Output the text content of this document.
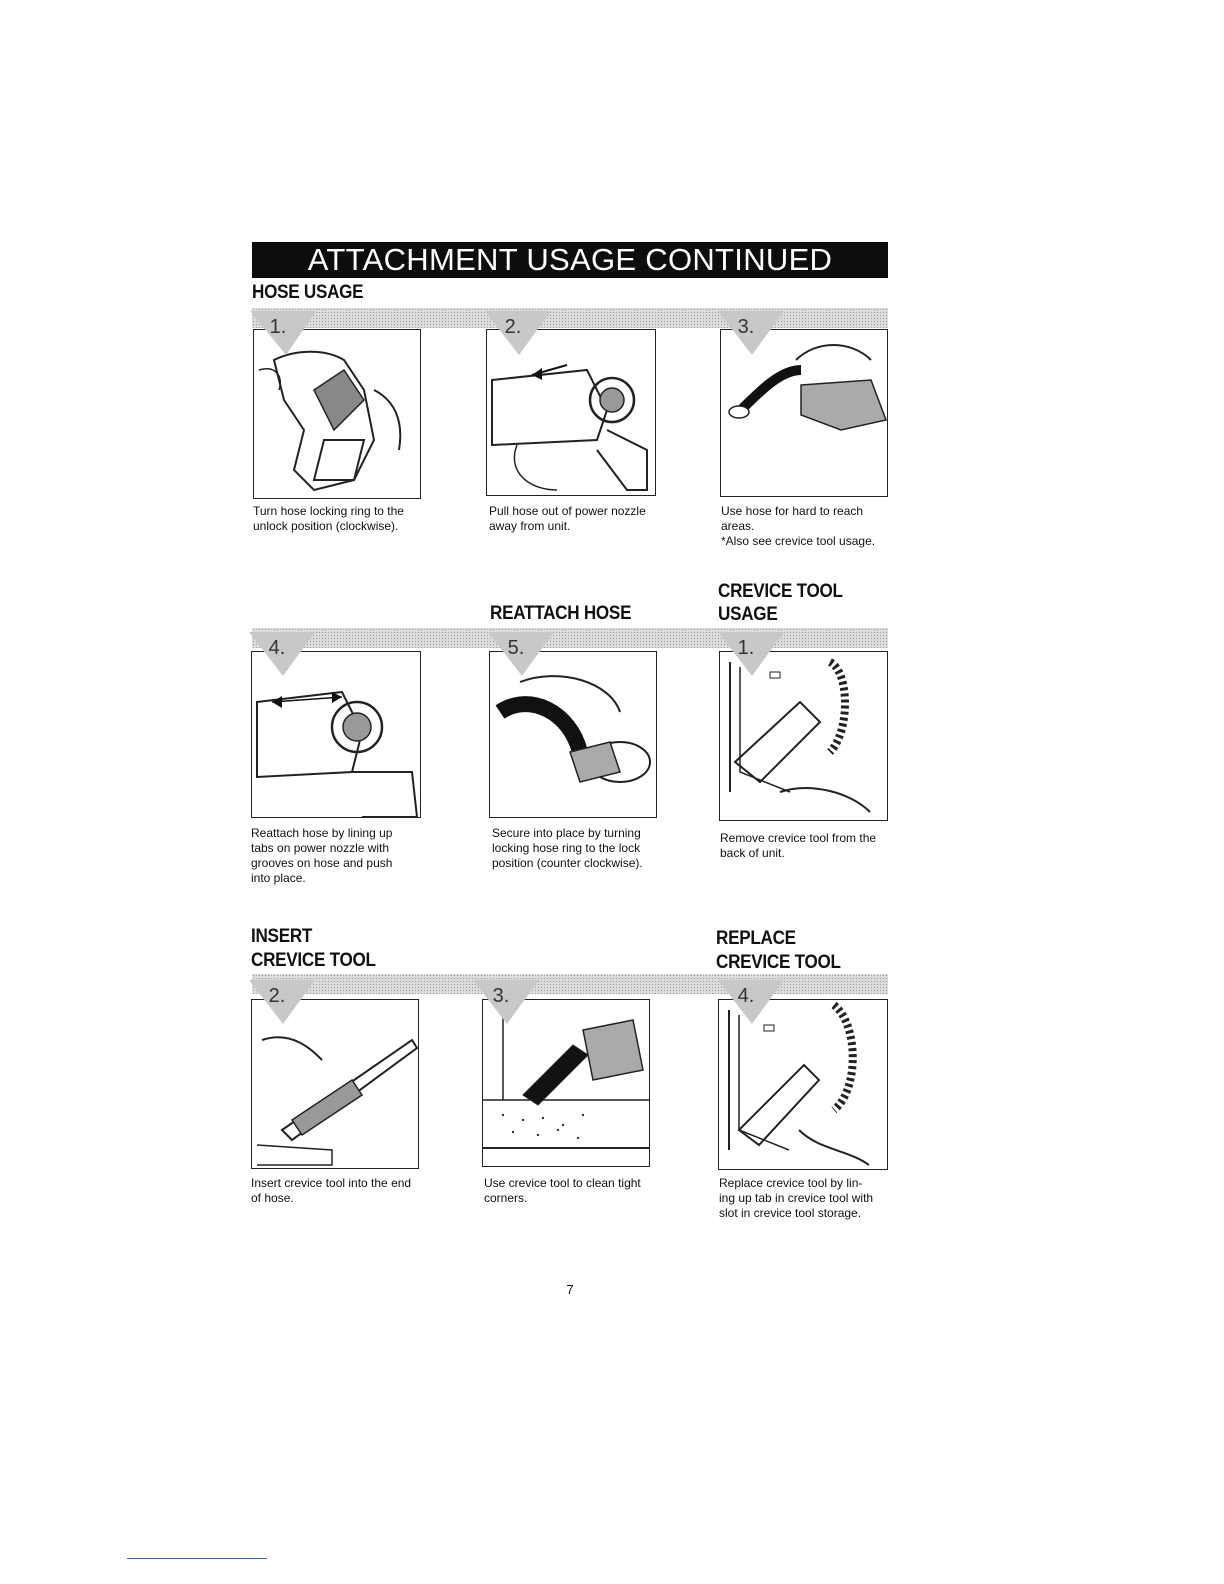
ATTACHMENT USAGE CONTINUED
HOSE USAGE
REATTACH HOSE
CREVICE TOOL
USAGE
INSERT
CREVICE TOOL
REPLACE
CREVICE TOOL
1.	2.	3.
Turn hose locking ring to the
unlock position (clockwise).
Pull hose out of power nozzle
away from unit.
Use hose for hard to reach
areas.
*Also see crevice tool usage.
4.	5.	1.
Reattach hose by lining up
tabs on power nozzle with
grooves on hose and push
into place.
Secure into place by turning
locking hose ring to the lock
position (counter clockwise).
Remove crevice tool from the
back of unit.
2.	3.	4.
Insert crevice tool into the end
of hose.
Use crevice tool to clean tight
corners.
Replace crevice tool by lin-
ing up tab in crevice tool with
slot in crevice tool storage.
7
